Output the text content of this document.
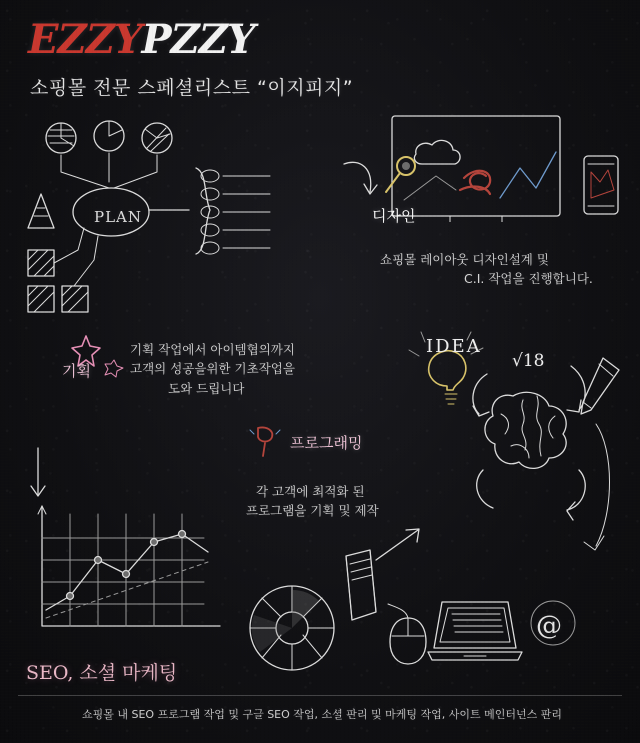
EZZYPZZY
소핑몰 전문 스페셜리스트 “이지피지”
PLAN	디자인
쇼핑몰 레이아웃 디자인설계 및
C.I. 작업을 진행합니다.
기획
기획 작업에서 아이템협의까지
고객의 성공을위한 기초작업을
도와 드립니다
프로그래밍
각 고객에 최적화 된
프로그램을 기획 및 제작
IDEA
√18
@
SEO, 소셜 마케팅
쇼핑몰 내 SEO 프로그램 작업 및 구글 SEO 작업, 소셜 판리 및 마케팅 작업, 사이트 메인터넌스 판리
